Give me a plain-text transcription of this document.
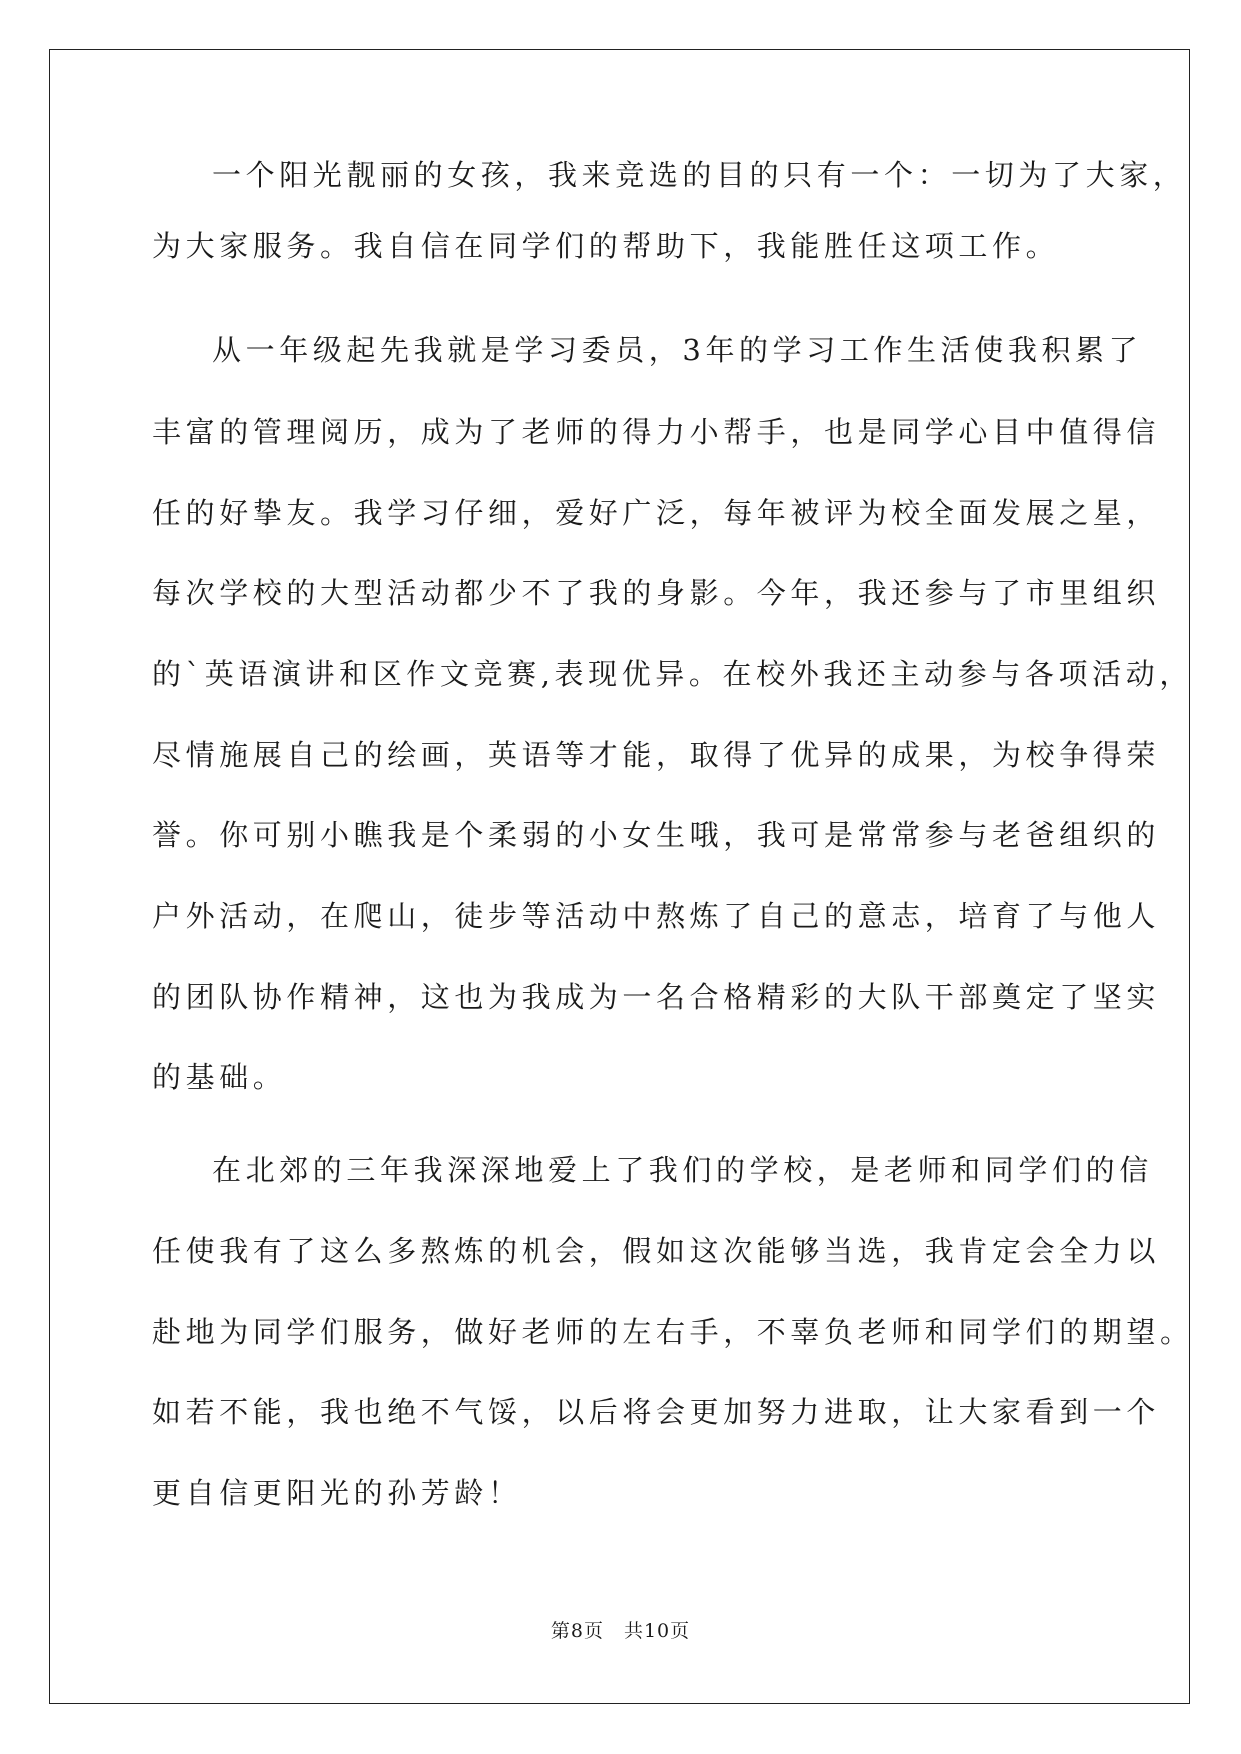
一个阳光靓丽的女孩，我来竞选的目的只有一个：一切为了大家，
为大家服务。我自信在同学们的帮助下，我能胜任这项工作。
从一年级起先我就是学习委员，3年的学习工作生活使我积累了
丰富的管理阅历，成为了老师的得力小帮手，也是同学心目中值得信
任的好挚友。我学习仔细，爱好广泛，每年被评为校全面发展之星，
每次学校的大型活动都少不了我的身影。今年，我还参与了市里组织
的`英语演讲和区作文竞赛,表现优异。在校外我还主动参与各项活动，
尽情施展自己的绘画，英语等才能，取得了优异的成果，为校争得荣
誉。你可别小瞧我是个柔弱的小女生哦，我可是常常参与老爸组织的
户外活动，在爬山，徒步等活动中熬炼了自己的意志，培育了与他人
的团队协作精神，这也为我成为一名合格精彩的大队干部奠定了坚实
的基础。
在北郊的三年我深深地爱上了我们的学校，是老师和同学们的信
任使我有了这么多熬炼的机会，假如这次能够当选，我肯定会全力以
赴地为同学们服务，做好老师的左右手，不辜负老师和同学们的期望。
如若不能，我也绝不气馁，以后将会更加努力进取，让大家看到一个
更自信更阳光的孙芳龄！
第8页　共10页
